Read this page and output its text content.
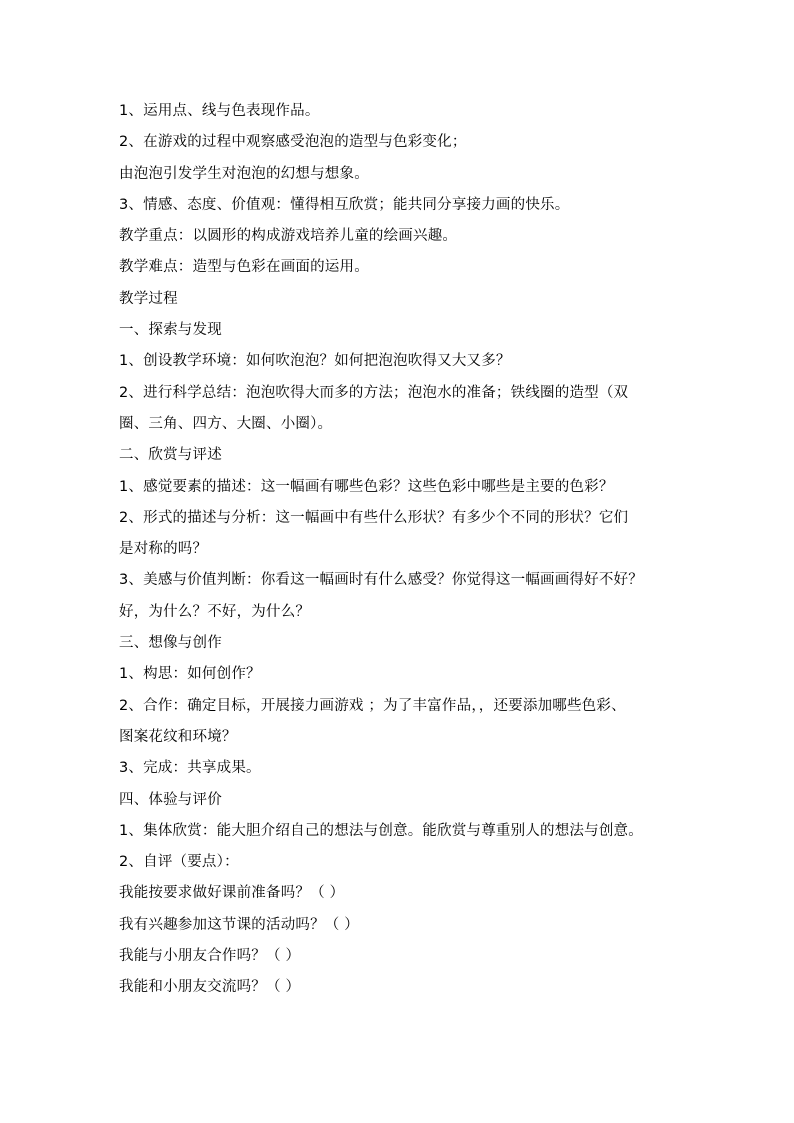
1、运用点、线与色表现作品。
2、在游戏的过程中观察感受泡泡的造型与色彩变化；
由泡泡引发学生对泡泡的幻想与想象。
3、情感、态度、价值观：懂得相互欣赏；能共同分享接力画的快乐。
教学重点：以圆形的构成游戏培养儿童的绘画兴趣。
教学难点：造型与色彩在画面的运用。
教学过程
一、探索与发现
1、创设教学环境：如何吹泡泡？如何把泡泡吹得又大又多？
2、进行科学总结：泡泡吹得大而多的方法；泡泡水的准备；铁线圈的造型（双
圈、三角、四方、大圈、小圈）。
二、欣赏与评述
1、感觉要素的描述：这一幅画有哪些色彩？这些色彩中哪些是主要的色彩？
2、形式的描述与分析：这一幅画中有些什么形状？有多少个不同的形状？它们
是对称的吗？
3、美感与价值判断：你看这一幅画时有什么感受？你觉得这一幅画画得好不好？
好，为什么？不好，为什么？
三、想像与创作
1、构思：如何创作？
2、合作：确定目标，开展接力画游戏 ；为了丰富作品，，还要添加哪些色彩、
图案花纹和环境？
3、完成：共享成果。
四、体验与评价
1、集体欣赏：能大胆介绍自己的想法与创意。能欣赏与尊重别人的想法与创意。
2、自评（要点）：
我能按要求做好课前准备吗？（ ）
我有兴趣参加这节课的活动吗？（ ）
我能与小朋友合作吗？（ ）
我能和小朋友交流吗？（ ）
